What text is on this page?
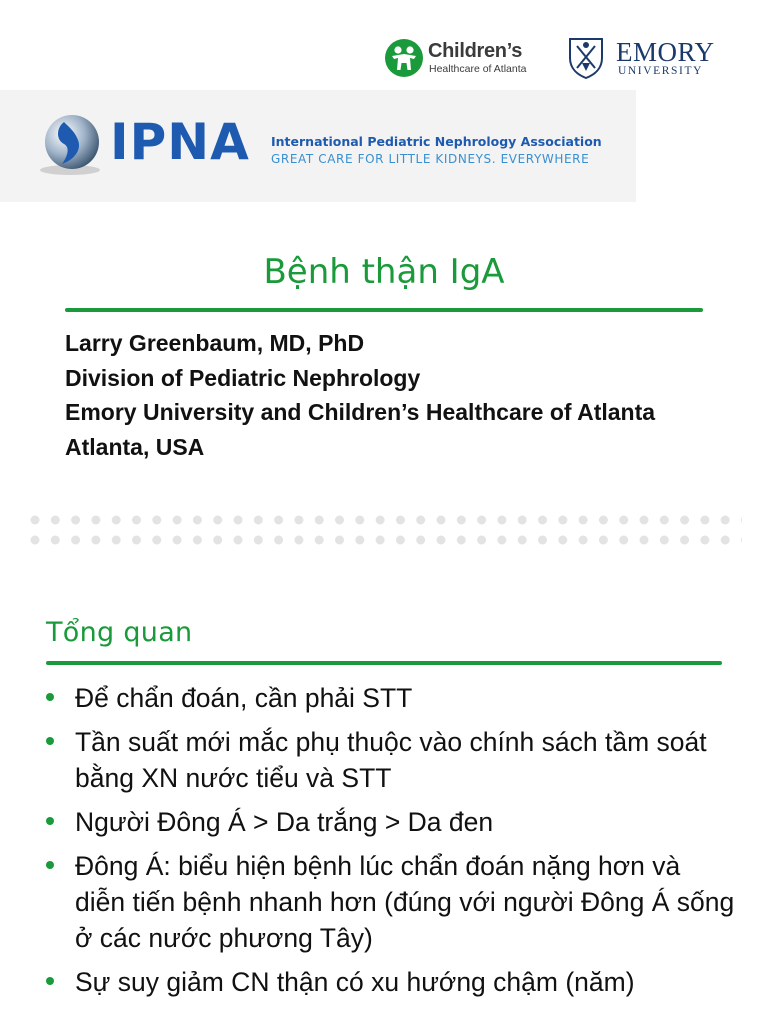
Children’s
Healthcare of Atlanta
EMORY
UNIVERSITY
IPNA International Pediatric Nephrology Association
GREAT CARE FOR LITTLE KIDNEYS. EVERYWHERE
Bệnh thận IgA
Larry Greenbaum, MD, PhD
Division of Pediatric Nephrology
Emory University and Children’s Healthcare of Atlanta
Atlanta, USA
Tổng quan
Để chẩn đoán, cần phải STT
Tần suất mới mắc phụ thuộc vào chính sách tầm soát bằng XN nước tiểu và STT
Người Đông Á > Da trắng > Da đen
Đông Á: biểu hiện bệnh lúc chẩn đoán nặng hơn và diễn tiến bệnh nhanh hơn (đúng với người Đông Á sống ở các nước phương Tây)
Sự suy giảm CN thận có xu hướng chậm (năm)
